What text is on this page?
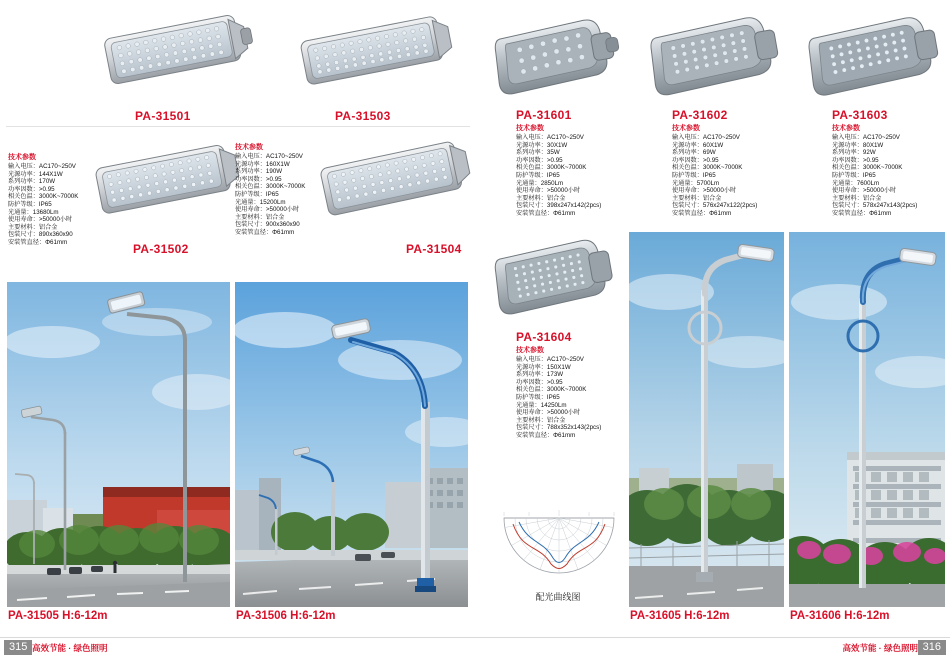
PA-31501	PA-31503
技术参数
输入电压：AC170~250V
光源功率：144X1W
系列功率：170W
功率因数：>0.95
相关色温：3000K~7000K
防护等级：IP65
光通量：13680Lm
使用寿命：>50000小时
主要材料：铝合金
包装尺寸：890x360x90
安装管直径：Φ61mm	PA-31502
技术参数
输入电压：AC170~250V
光源功率：160X1W
系列功率：190W
功率因数：>0.95
相关色温：3000K~7000K
防护等级：IP65
光通量：15200Lm
使用寿命：>50000小时
主要材料：铝合金
包装尺寸：900x360x90
安装管直径：Φ61mm
PA-31504
PA-31505 H:6-12m	PA-31506 H:6-12m
PA-31601
技术参数
输入电压：AC170~250V
光源功率：30X1W
系列功率：35W
功率因数：>0.95
相关色温：3000K~7000K
防护等级：IP65
光通量：2850Lm
使用寿命：>50000小时
主要材料：铝合金
包装尺寸：398x247x142(2pcs)
安装管直径：Φ61mm
PA-31602
技术参数
输入电压：AC170~250V
光源功率：60X1W
系列功率：69W
功率因数：>0.95
相关色温：3000K~7000K
防护等级：IP65
光通量：5700Lm
使用寿命：>50000小时
主要材料：铝合金
包装尺寸：576x247x122(2pcs)
安装管直径：Φ61mm
PA-31603
技术参数
输入电压：AC170~250V
光源功率：80X1W
系列功率：92W
功率因数：>0.95
相关色温：3000K~7000K
防护等级：IP65
光通量：7600Lm
使用寿命：>50000小时
主要材料：铝合金
包装尺寸：578x247x143(2pcs)
安装管直径：Φ61mm
PA-31604
技术参数
输入电压：AC170~250V
光源功率：150X1W
系列功率：173W
功率因数：>0.95
相关色温：3000K~7000K
防护等级：IP65
光通量：14250Lm
使用寿命：>50000小时
主要材料：铝合金
包装尺寸：788x352x143(2pcs)
安装管直径：Φ61mm
配光曲线图
PA-31605 H:6-12m	PA-31606 H:6-12m
315 高效节能 · 绿色照明	316
高效节能 · 绿色照明
